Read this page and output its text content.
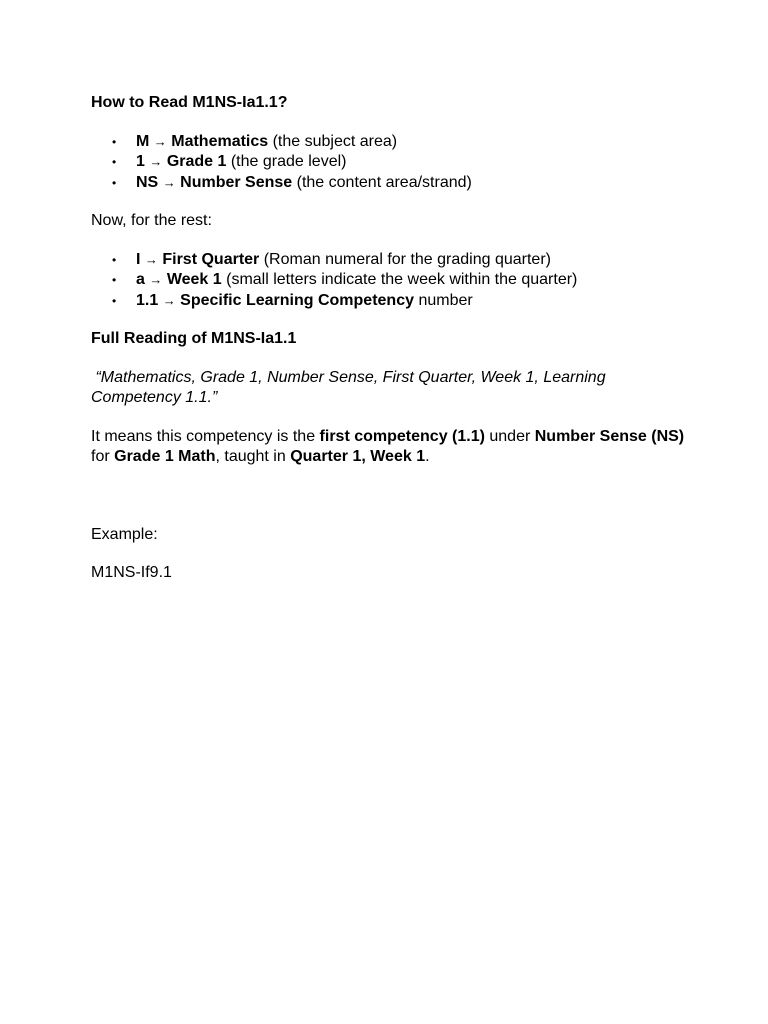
How to Read M1NS-Ia1.1?

• M → Mathematics (the subject area)
• 1 → Grade 1 (the grade level)
• NS → Number Sense (the content area/strand)

Now, for the rest:

• I → First Quarter (Roman numeral for the grading quarter)
• a → Week 1 (small letters indicate the week within the quarter)
• 1.1 → Specific Learning Competency number

Full Reading of M1NS-Ia1.1

“Mathematics, Grade 1, Number Sense, First Quarter, Week 1, Learning Competency 1.1.”

It means this competency is the first competency (1.1) under Number Sense (NS) for Grade 1 Math, taught in Quarter 1, Week 1.

Example:

M1NS-If9.1
